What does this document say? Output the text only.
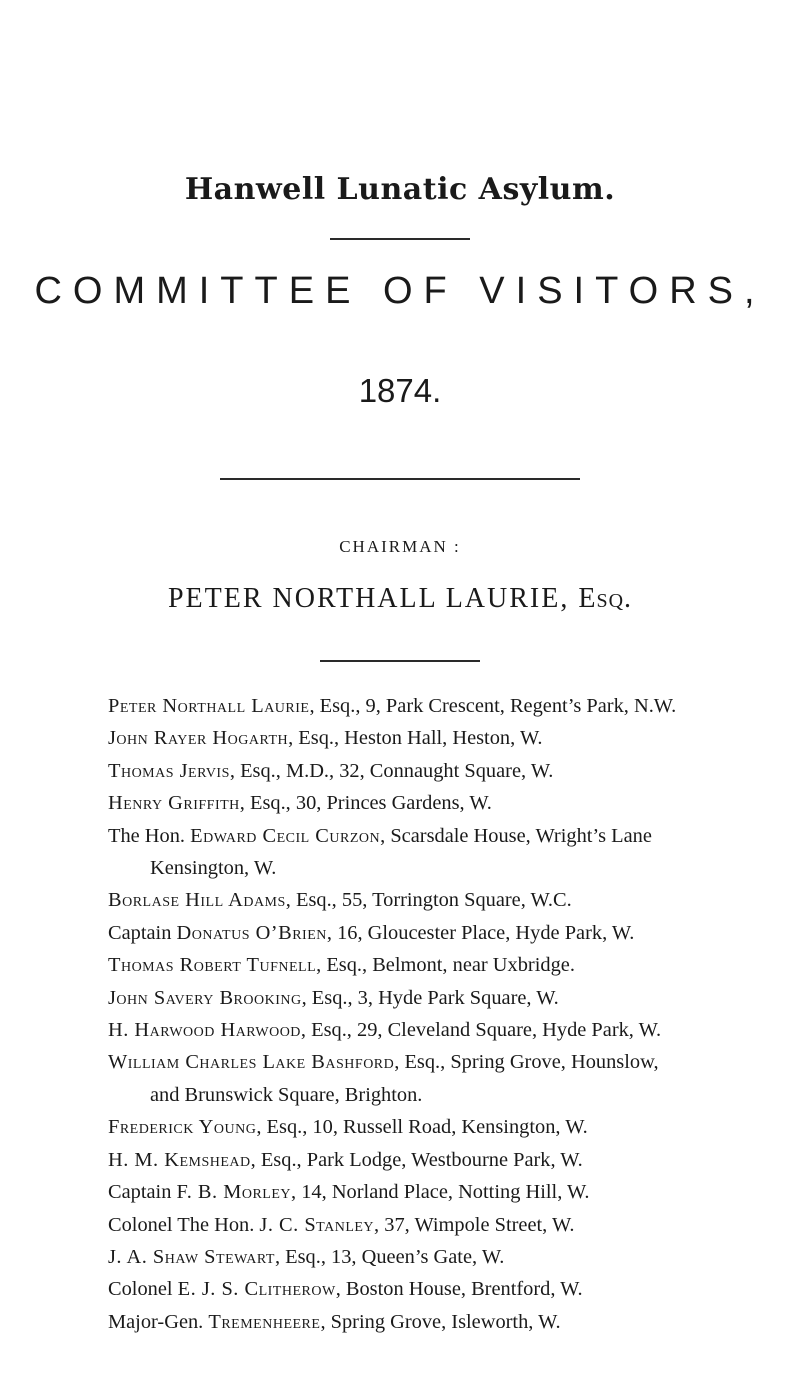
Hanwell Lunatic Asylum.
COMMITTEE OF VISITORS,
1874.
CHAIRMAN :
PETER NORTHALL LAURIE, Esq.
Peter Northall Laurie, Esq., 9, Park Crescent, Regent’s Park, N.W.
John Rayer Hogarth, Esq., Heston Hall, Heston, W.
Thomas Jervis, Esq., M.D., 32, Connaught Square, W.
Henry Griffith, Esq., 30, Princes Gardens, W.
The Hon. Edward Cecil Curzon, Scarsdale House, Wright’s Lane
Kensington, W.
Borlase Hill Adams, Esq., 55, Torrington Square, W.C.
Captain Donatus O’Brien, 16, Gloucester Place, Hyde Park, W.
Thomas Robert Tufnell, Esq., Belmont, near Uxbridge.
John Savery Brooking, Esq., 3, Hyde Park Square, W.
H. Harwood Harwood, Esq., 29, Cleveland Square, Hyde Park, W.
William Charles Lake Bashford, Esq., Spring Grove, Hounslow,
and Brunswick Square, Brighton.
Frederick Young, Esq., 10, Russell Road, Kensington, W.
H. M. Kemshead, Esq., Park Lodge, Westbourne Park, W.
Captain F. B. Morley, 14, Norland Place, Notting Hill, W.
Colonel The Hon. J. C. Stanley, 37, Wimpole Street, W.
J. A. Shaw Stewart, Esq., 13, Queen’s Gate, W.
Colonel E. J. S. Clitherow, Boston House, Brentford, W.
Major-Gen. Tremenheere, Spring Grove, Isleworth, W.
